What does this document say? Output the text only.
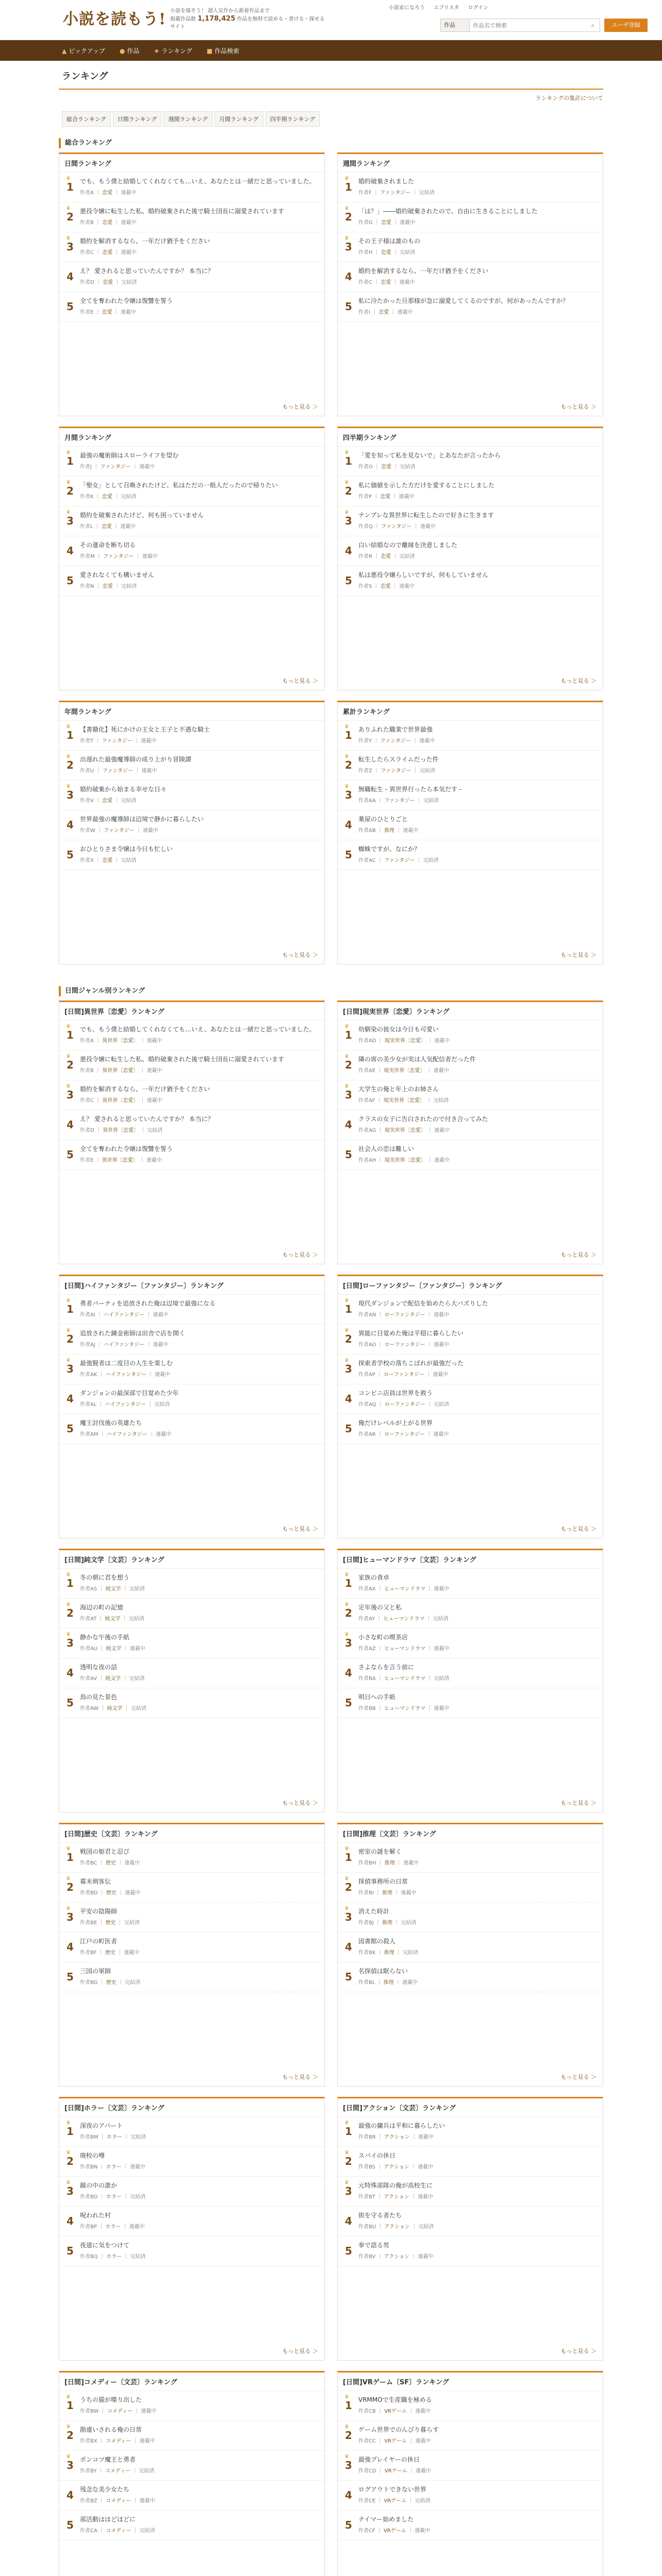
小説を読もう! 小説を探そう！ 超人気作から新着作品まで
掲載作品数 1,178,425 作品を無料で読める・書ける・探せるサイト
小説家になろう エブリスタ ログイン
作品
作品名で検索	⌕	ユーザ登録
▲ ピックアップ ● 作品 ★ ランキング ■ 作品検索
ランキング
ランキングの集計について
総合ランキング	日間ランキング	週間ランキング	月間ランキング	四半期ランキング
総合ランキング
日間ランキング
1
♛ でも、もう僕と結婚してくれなくても…いえ、あなたとは一緒だと思っていました。
作者A ｜ 恋愛 ｜ 連載中
2
♛ 悪役令嬢に転生した私、婚約破棄された後で騎士団長に溺愛されています
作者B ｜ 恋愛 ｜ 連載中
3
♛ 婚約を解消するなら、一年だけ猶予をください
作者C ｜ 恋愛 ｜ 連載中
4	え？ 愛されると思っていたんですか？ 本当に？
作者D ｜ 恋愛 ｜ 完結済
5	全てを奪われた令嬢は復讐を誓う
作者E ｜ 恋愛 ｜ 連載中
もっと見る ＞
週間ランキング
1
♛ 婚約破棄されました
作者F ｜ ファンタジー ｜ 完結済
2
♛ 「は？」――婚約破棄されたので、自由に生きることにしました
作者G ｜ 恋愛 ｜ 連載中
3
♛ その王子様は誰のもの
作者H ｜ 恋愛 ｜ 完結済
4	婚約を解消するなら、一年だけ猶予をください
作者C ｜ 恋愛 ｜ 連載中
5	私に冷たかった旦那様が急に溺愛してくるのですが、何があったんですか？
作者I ｜ 恋愛 ｜ 連載中
もっと見る ＞
月間ランキング
1
♛ 最強の魔術師はスローライフを望む
作者J ｜ ファンタジー ｜ 連載中
2
♛ 「聖女」として召喚されたけど、私はただの一般人だったので帰りたい
作者K ｜ 恋愛 ｜ 完結済
3
♛ 婚約を破棄されたけど、何も困っていません
作者L ｜ 恋愛 ｜ 連載中
4	その運命を断ち切る
作者M ｜ ファンタジー ｜ 連載中
5	愛されなくても構いません
作者N ｜ 恋愛 ｜ 完結済
もっと見る ＞
四半期ランキング
1
♛ 「愛を知って私を見ないで」とあなたが言ったから
作者O ｜ 恋愛 ｜ 完結済
2
♛ 私に価値を示した方だけを愛することにしました
作者P ｜ 恋愛 ｜ 連載中
3
♛ テンプレな異世界に転生したので好きに生きます
作者Q ｜ ファンタジー ｜ 連載中
4	白い結婚なので離縁を決意しました
作者R ｜ 恋愛 ｜ 完結済
5	私は悪役令嬢らしいですが、何もしていません
作者S ｜ 恋愛 ｜ 連載中
もっと見る ＞
年間ランキング
1
♛ 【書籍化】死にかけの王女と王子と不遇な騎士
作者T ｜ ファンタジー ｜ 連載中
2
♛ 出遅れた最強魔導師の成り上がり冒険譚
作者U ｜ ファンタジー ｜ 連載中
3
♛ 婚約破棄から始まる幸せな日々
作者V ｜ 恋愛 ｜ 完結済
4	世界最強の魔導師は辺境で静かに暮らしたい
作者W ｜ ファンタジー ｜ 連載中
5	おひとりさま令嬢は今日も忙しい
作者X ｜ 恋愛 ｜ 完結済
もっと見る ＞
累計ランキング
1
♛ ありふれた職業で世界最強
作者Y ｜ ファンタジー ｜ 連載中
2
♛ 転生したらスライムだった件
作者Z ｜ ファンタジー ｜ 完結済
3
♛ 無職転生 - 異世界行ったら本気だす -
作者AA ｜ ファンタジー ｜ 完結済
4	薬屋のひとりごと
作者AB ｜ 推理 ｜ 連載中
5	蜘蛛ですが、なにか？
作者AC ｜ ファンタジー ｜ 完結済
もっと見る ＞
日間ジャンル別ランキング
[日間]異世界〔恋愛〕ランキング
1
♛ でも、もう僕と結婚してくれなくても…いえ、あなたとは一緒だと思っていました。
作者A ｜ 異世界〔恋愛〕 ｜ 連載中
2
♛ 悪役令嬢に転生した私、婚約破棄された後で騎士団長に溺愛されています
作者B ｜ 異世界〔恋愛〕 ｜ 連載中
3
♛ 婚約を解消するなら、一年だけ猶予をください
作者C ｜ 異世界〔恋愛〕 ｜ 連載中
4	え？ 愛されると思っていたんですか？ 本当に？
作者D ｜ 異世界〔恋愛〕 ｜ 完結済
5	全てを奪われた令嬢は復讐を誓う
作者E ｜ 異世界〔恋愛〕 ｜ 連載中
もっと見る ＞
[日間]現実世界〔恋愛〕ランキング
1
♛ 幼馴染の彼女は今日も可愛い
作者AD ｜ 現実世界〔恋愛〕 ｜ 連載中
2
♛ 隣の席の美少女が実は人気配信者だった件
作者AE ｜ 現実世界〔恋愛〕 ｜ 連載中
3
♛ 大学生の俺と年上のお姉さん
作者AF ｜ 現実世界〔恋愛〕 ｜ 完結済
4	クラスの女子に告白されたので付き合ってみた
作者AG ｜ 現実世界〔恋愛〕 ｜ 連載中
5	社会人の恋は難しい
作者AH ｜ 現実世界〔恋愛〕 ｜ 連載中
もっと見る ＞
[日間]ハイファンタジー〔ファンタジー〕ランキング
1
♛ 勇者パーティを追放された俺は辺境で最強になる
作者AI ｜ ハイファンタジー ｜ 連載中
2
♛ 追放された錬金術師は田舎で店を開く
作者AJ ｜ ハイファンタジー ｜ 連載中
3
♛ 最強賢者は二度目の人生を楽しむ
作者AK ｜ ハイファンタジー ｜ 連載中
4	ダンジョンの最深部で目覚めた少年
作者AL ｜ ハイファンタジー ｜ 完結済
5	魔王討伐後の英雄たち
作者AM ｜ ハイファンタジー ｜ 連載中
もっと見る ＞
[日間]ローファンタジー〔ファンタジー〕ランキング
1
♛ 現代ダンジョンで配信を始めたら大バズりした
作者AN ｜ ローファンタジー ｜ 連載中
2
♛ 異能に目覚めた俺は平穏に暮らしたい
作者AO ｜ ローファンタジー ｜ 連載中
3
♛ 探索者学校の落ちこぼれが最強だった
作者AP ｜ ローファンタジー ｜ 連載中
4	コンビニ店員は世界を救う
作者AQ ｜ ローファンタジー ｜ 完結済
5	俺だけレベルが上がる世界
作者AR ｜ ローファンタジー ｜ 連載中
もっと見る ＞
[日間]純文学〔文芸〕ランキング
1
♛ 冬の朝に君を想う
作者AS ｜ 純文学 ｜ 完結済
2
♛ 海辺の町の記憶
作者AT ｜ 純文学 ｜ 完結済
3
♛ 静かな午後の手紙
作者AU ｜ 純文学 ｜ 連載中
4	透明な夜の話
作者AV ｜ 純文学 ｜ 完結済
5	鳥の見た景色
作者AW ｜ 純文学 ｜ 完結済
もっと見る ＞
[日間]ヒューマンドラマ〔文芸〕ランキング
1
♛ 家族の食卓
作者AX ｜ ヒューマンドラマ ｜ 連載中
2
♛ 定年後の父と私
作者AY ｜ ヒューマンドラマ ｜ 完結済
3
♛ 小さな町の喫茶店
作者AZ ｜ ヒューマンドラマ ｜ 連載中
4	さよならを言う前に
作者BA ｜ ヒューマンドラマ ｜ 完結済
5	明日への手紙
作者BB ｜ ヒューマンドラマ ｜ 連載中
もっと見る ＞
[日間]歴史〔文芸〕ランキング
1
♛ 戦国の姫君と忍び
作者BC ｜ 歴史 ｜ 連載中
2
♛ 幕末剣客伝
作者BD ｜ 歴史 ｜ 連載中
3
♛ 平安の陰陽師
作者BE ｜ 歴史 ｜ 完結済
4	江戸の町医者
作者BF ｜ 歴史 ｜ 連載中
5	三国の軍師
作者BG ｜ 歴史 ｜ 完結済
もっと見る ＞
[日間]推理〔文芸〕ランキング
1
♛ 密室の謎を解く
作者BH ｜ 推理 ｜ 連載中
2
♛ 探偵事務所の日常
作者BI ｜ 推理 ｜ 連載中
3
♛ 消えた時計
作者BJ ｜ 推理 ｜ 完結済
4	図書館の殺人
作者BK ｜ 推理 ｜ 完結済
5	名探偵は眠らない
作者BL ｜ 推理 ｜ 連載中
もっと見る ＞
[日間]ホラー〔文芸〕ランキング
1
♛ 深夜のアパート
作者BM ｜ ホラー ｜ 完結済
2
♛ 廃校の噂
作者BN ｜ ホラー ｜ 連載中
3
♛ 鏡の中の誰か
作者BO ｜ ホラー ｜ 完結済
4	呪われた村
作者BP ｜ ホラー ｜ 連載中
5	夜道に気をつけて
作者BQ ｜ ホラー ｜ 完結済
もっと見る ＞
[日間]アクション〔文芸〕ランキング
1
♛ 最強の傭兵は平和に暮らしたい
作者BR ｜ アクション ｜ 連載中
2
♛ スパイの休日
作者BS ｜ アクション ｜ 連載中
3
♛ 元特殊部隊の俺が高校生に
作者BT ｜ アクション ｜ 連載中
4	街を守る者たち
作者BU ｜ アクション ｜ 完結済
5	拳で語る男
作者BV ｜ アクション ｜ 連載中
もっと見る ＞
[日間]コメディー〔文芸〕ランキング
1
♛ うちの猫が喋り出した
作者BW ｜ コメディー ｜ 連載中
2
♛ 勘違いされる俺の日常
作者BX ｜ コメディー ｜ 連載中
3
♛ ポンコツ魔王と勇者
作者BY ｜ コメディー ｜ 完結済
4	残念な美少女たち
作者BZ ｜ コメディー ｜ 連載中
5	部活動はほどほどに
作者CA ｜ コメディー ｜ 完結済
[日間]VRゲーム〔SF〕ランキング
1
♛ VRMMOで生産職を極める
作者CB ｜ VRゲーム ｜ 連載中
2
♛ ゲーム世界でのんびり暮らす
作者CC ｜ VRゲーム ｜ 連載中
3
♛ 最強プレイヤーの休日
作者CD ｜ VRゲーム ｜ 連載中
4	ログアウトできない世界
作者CE ｜ VRゲーム ｜ 完結済
5	テイマー始めました
作者CF ｜ VRゲーム ｜ 連載中
